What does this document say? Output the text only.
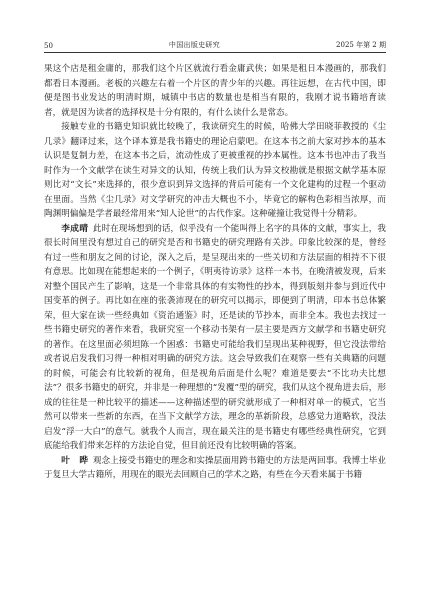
50	中国出版史研究	2025 年第 2 期

果这个店是租金庸的，那我们这个片区就流行看金庸武侠；如果是租日本漫画的，那我们都看日本漫画。老板的兴趣左右着一个片区的青少年的兴趣。再往远想，在古代中国，即便是图书业发达的明清时期，城镇中书店的数量也是相当有限的，我刚才说书籍培育读者，就是因为读者的选择权是十分有限的，有什么读什么是常态。

接触专业的书籍史知识就比较晚了，我读研究生的时候，哈佛大学田晓菲教授的《尘几录》翻译过来，这个译本算是我书籍史的理论启蒙吧。在这本书之前大家对抄本的基本认识是复制力差，在这本书之后，流动性成了更被重视的抄本属性。这本书也冲击了我当时作为一个文献学在读生对异文的认知，传统上我们认为异文校勘就是根据文献学基本原则比对“文长”来选择的，很少意识到异文选择的背后可能有一个文化建构的过程一个驱动在里面。当然《尘几录》对文学研究的冲击大概也不小，毕竟它的解构色彩相当浓厚，而陶渊明偏偏是学者最经常用来“知人论世”的古代作家。这种碰撞让我觉得十分精彩。

李成晴 此时在现场想到的话，似乎没有一个能叫得上名字的具体的文献，事实上，我很长时间里没有想过自己的研究是否和书籍史的研究理路有关涉。印象比较深的是，曾经有过一些和朋友之间的讨论，深入之后，是呈现出来的一些关切和方法层面的相持不下很有意思。比如现在能想起来的一个例子，《明夷待访录》这样一本书，在晚清被发现，后来对整个国民产生了影响，这是一个非常具体的有实物性的抄本，得到版刻并参与到近代中国变革的例子。再比如在座的张袭沛现在的研究可以揭示，即便到了明清，印本书总体繁荣，但大家在读一些经典如《资治通鉴》时，还是读的节抄本，而非全本。我也去找过一些书籍史研究的著作来看，我研究室一个移动书架有一层主要是西方文献学和书籍史研究的著作。在这里面必须坦陈一个困惑：书籍史可能给我们呈现出某种视野，但它没法带给或者说启发我们习得一种相对明确的研究方法。这会导致我们在观察一些有关典籍的问题的时候，可能会有比较新的视角，但是视角后面是什么呢？难道是要去“不比功夫比想法”？很多书籍史的研究，并非是一种理想的“发覆”型的研究，我们从这个视角进去后，形成的往往是一种比较平的描述——这种描述型的研究就形成了一种相对单一的模式，它当然可以带来一些新的东西，在当下文献学方法，理念的革新阶段，总感觉力道略软，没法启发“浮一大白”的意气。就我个人而言，现在最关注的是书籍史有哪些经典性研究，它到底能给我们带来怎样的方法论自觉，但目前还没有比较明确的答案。

叶　晔 观念上接受书籍史的理念和实操层面用跨书籍史的方法是两回事。我博士毕业于复旦大学古籍所，用现在的眼光去回顾自己的学术之路，有些在今天看来属于书籍
